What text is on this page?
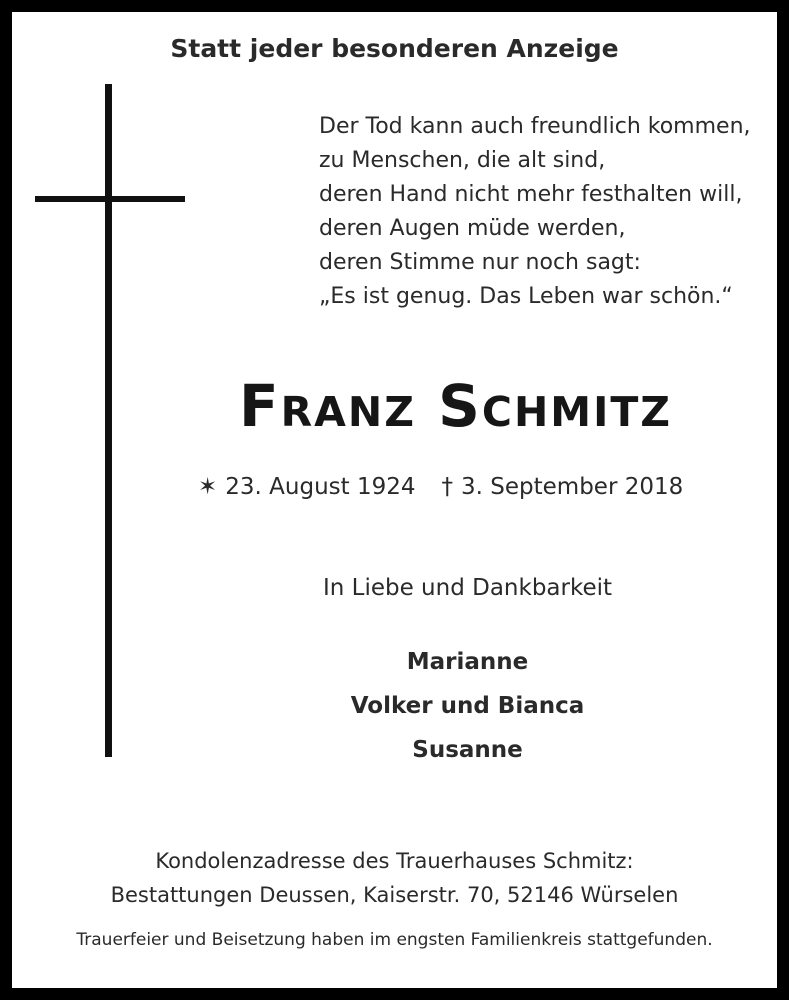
Statt jeder besonderen Anzeige
Der Tod kann auch freundlich kommen,
zu Menschen, die alt sind,
deren Hand nicht mehr festhalten will,
deren Augen müde werden,
deren Stimme nur noch sagt:
„Es ist genug. Das Leben war schön.“
Franz Schmitz
✶ 23. August 1924 † 3. September 2018
In Liebe und Dankbarkeit
Marianne
Volker und Bianca
Susanne
Kondolenzadresse des Trauerhauses Schmitz:
Bestattungen Deussen, Kaiserstr. 70, 52146 Würselen
Trauerfeier und Beisetzung haben im engsten Familienkreis stattgefunden.
